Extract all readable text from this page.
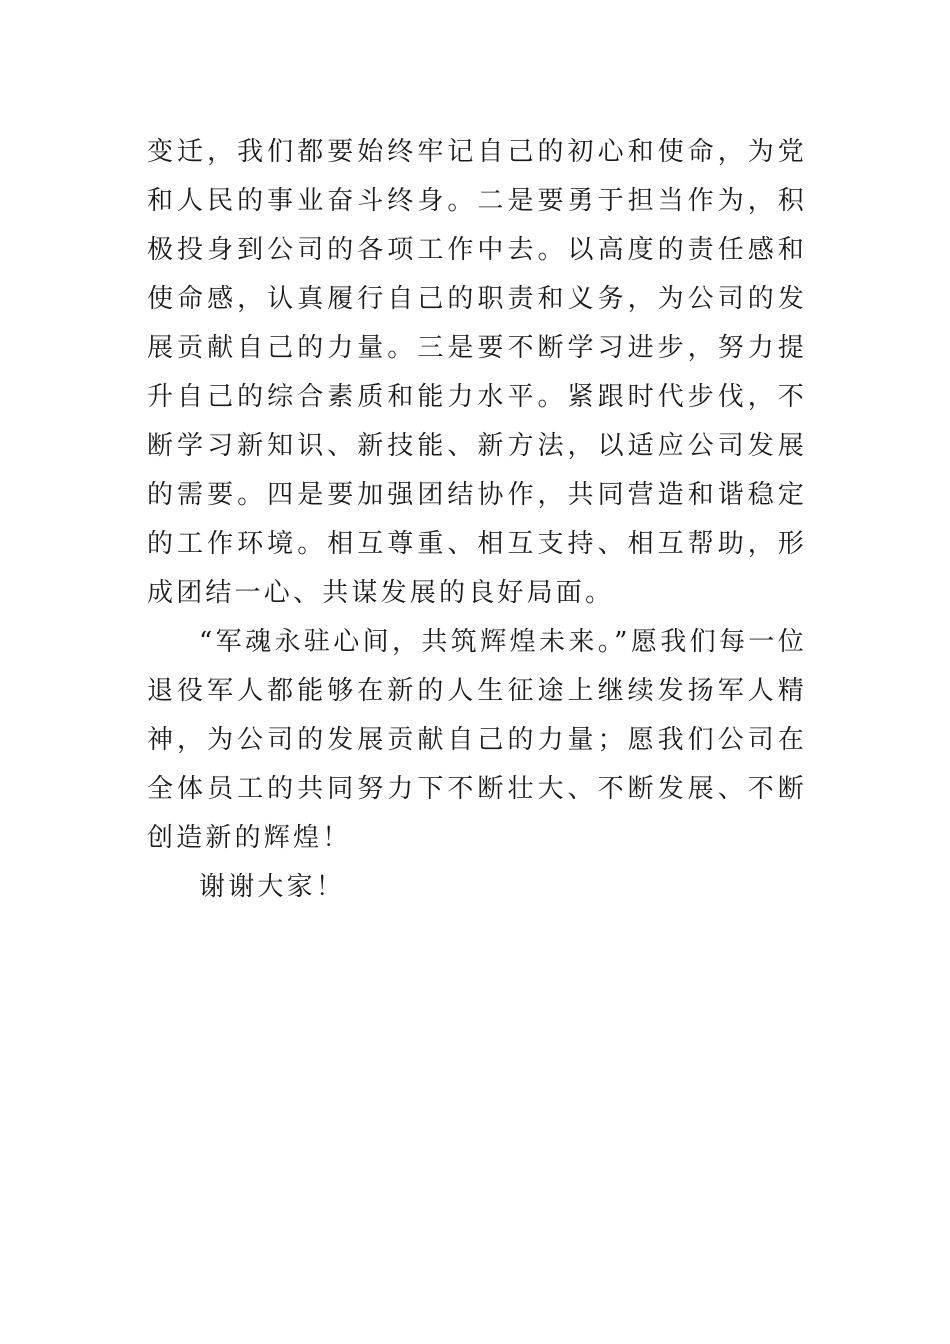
变迁，我们都要始终牢记自己的初心和使命，为党和人民的事业奋斗终身。二是要勇于担当作为，积极投身到公司的各项工作中去。以高度的责任感和使命感，认真履行自己的职责和义务，为公司的发展贡献自己的力量。三是要不断学习进步，努力提升自己的综合素质和能力水平。紧跟时代步伐，不断学习新知识、新技能、新方法，以适应公司发展的需要。四是要加强团结协作，共同营造和谐稳定的工作环境。相互尊重、相互支持、相互帮助，形成团结一心、共谋发展的良好局面。

“军魂永驻心间，共筑辉煌未来。”愿我们每一位退役军人都能够在新的人生征途上继续发扬军人精神，为公司的发展贡献自己的力量；愿我们公司在全体员工的共同努力下不断壮大、不断发展、不断创造新的辉煌！

谢谢大家！
